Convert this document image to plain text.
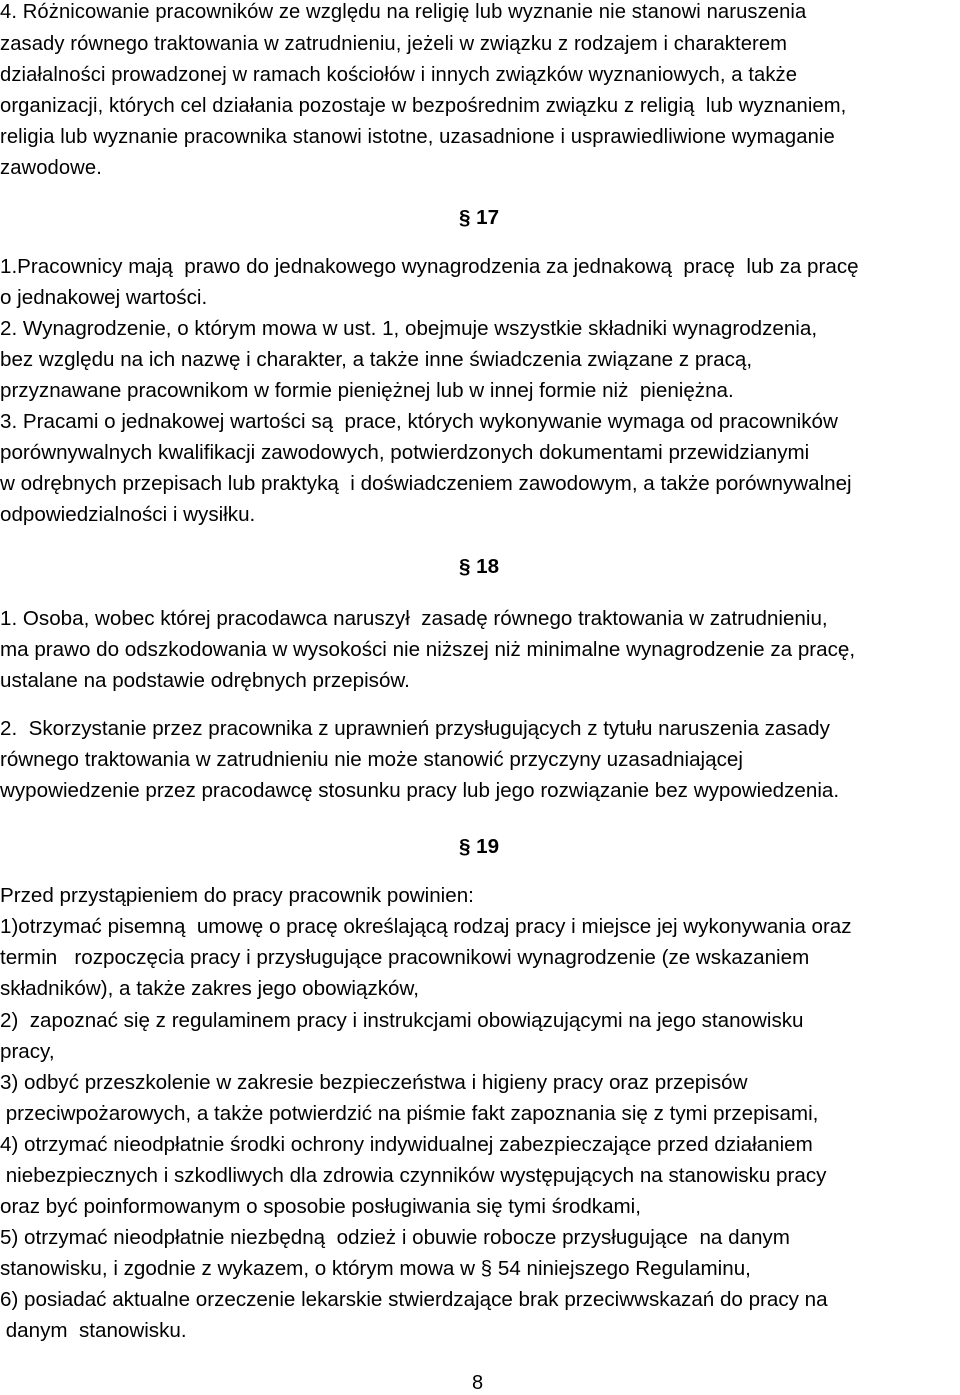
4. Różnicowanie pracowników ze względu na religię lub wyznanie nie stanowi naruszenia
zasady równego traktowania w zatrudnieniu, jeżeli w związku z rodzajem i charakterem
działalności prowadzonej w ramach kościołów i innych związków wyznaniowych, a także
organizacji, których cel działania pozostaje w bezpośrednim związku z religią  lub wyznaniem,
religia lub wyznanie pracownika stanowi istotne, uzasadnione i usprawiedliwione wymaganie
zawodowe.
§ 17
1.Pracownicy mają  prawo do jednakowego wynagrodzenia za jednakową  pracę  lub za pracę
o jednakowej wartości.
2. Wynagrodzenie, o którym mowa w ust. 1, obejmuje wszystkie składniki wynagrodzenia,
bez względu na ich nazwę i charakter, a także inne świadczenia związane z pracą,
przyznawane pracownikom w formie pieniężnej lub w innej formie niż  pieniężna.
3. Pracami o jednakowej wartości są  prace, których wykonywanie wymaga od pracowników
porównywalnych kwalifikacji zawodowych, potwierdzonych dokumentami przewidzianymi
w odrębnych przepisach lub praktyką  i doświadczeniem zawodowym, a także porównywalnej
odpowiedzialności i wysiłku.
§ 18
1. Osoba, wobec której pracodawca naruszył  zasadę równego traktowania w zatrudnieniu,
ma prawo do odszkodowania w wysokości nie niższej niż minimalne wynagrodzenie za pracę,
ustalane na podstawie odrębnych przepisów.
2.  Skorzystanie przez pracownika z uprawnień przysługujących z tytułu naruszenia zasady
równego traktowania w zatrudnieniu nie może stanowić przyczyny uzasadniającej
wypowiedzenie przez pracodawcę stosunku pracy lub jego rozwiązanie bez wypowiedzenia.
§ 19
Przed przystąpieniem do pracy pracownik powinien:
1)otrzymać pisemną  umowę o pracę określającą rodzaj pracy i miejsce jej wykonywania oraz
termin   rozpoczęcia pracy i przysługujące pracownikowi wynagrodzenie (ze wskazaniem
składników), a także zakres jego obowiązków,
2)  zapoznać się z regulaminem pracy i instrukcjami obowiązującymi na jego stanowisku
pracy,
3) odbyć przeszkolenie w zakresie bezpieczeństwa i higieny pracy oraz przepisów
przeciwpożarowych, a także potwierdzić na piśmie fakt zapoznania się z tymi przepisami,
4) otrzymać nieodpłatnie środki ochrony indywidualnej zabezpieczające przed działaniem
niebezpiecznych i szkodliwych dla zdrowia czynników występujących na stanowisku pracy
oraz być poinformowanym o sposobie posługiwania się tymi środkami,
5) otrzymać nieodpłatnie niezbędną  odzież i obuwie robocze przysługujące  na danym
stanowisku, i zgodnie z wykazem, o którym mowa w § 54 niniejszego Regulaminu,
6) posiadać aktualne orzeczenie lekarskie stwierdzające brak przeciwwskazań do pracy na
danym  stanowisku.
8
